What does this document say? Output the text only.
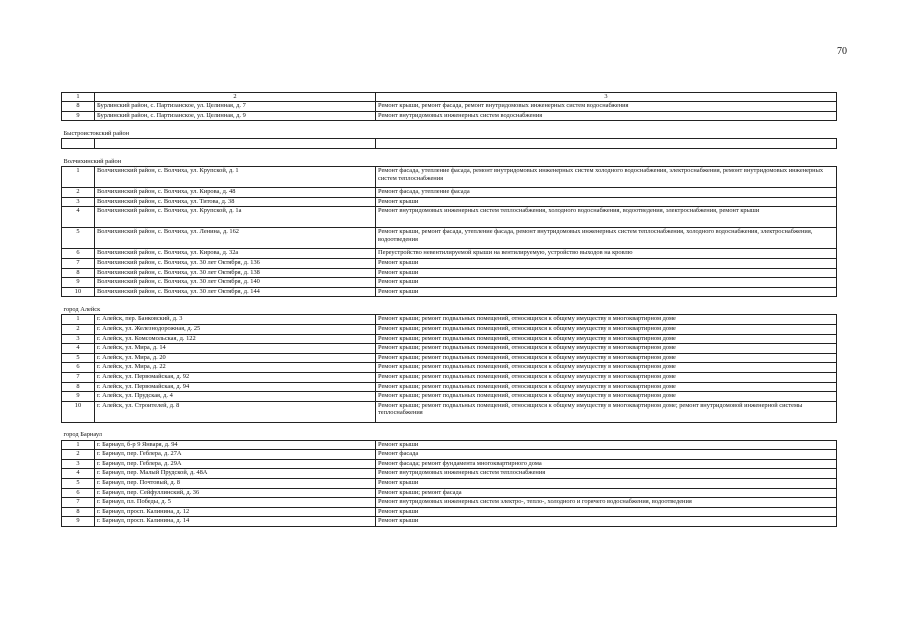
70
1	2	3
8	Бурлинский район, с. Партизанское, ул. Целинная, д. 7	Ремонт крыши, ремонт фасада, ремонт внутридомовых инженерных систем водоснабжения
9	Бурлинский район, с. Партизанское, ул. Целинная, д. 9	Ремонт внутридомовых инженерных систем водоснабжения
Быстроистокский район		

Волчихинский район		
1	Волчихинский район, с. Волчиха, ул. Крупской, д. 1	Ремонт фасада, утепление фасада, ремонт внутридомовых инженерных систем холодного водоснабжения, электроснабжения, ремонт внутридомовых инженерных систем теплоснабжения
2	Волчихинский район, с. Волчиха, ул. Кирова, д. 48	Ремонт фасада, утепление фасада
3	Волчихинский район, с. Волчиха, ул. Титова, д. 38	Ремонт крыши
4	Волчихинский район, с. Волчиха, ул. Крупской, д. 1а	Ремонт внутридомовых инженерных систем теплоснабжения, холодного водоснабжения, водоотведения, электроснабжения, ремонт крыши
5	Волчихинский район, с. Волчиха, ул. Ленина, д. 162	Ремонт крыши, ремонт фасада, утепление фасада, ремонт внутридомовых инженерных систем теплоснабжения, холодного водоснабжения, электроснабжения, водоотведения
6	Волчихинский район, с. Волчиха, ул. Кирова, д. 32а	Переустройство невентилируемой крыши на вентилируемую, устройство выходов на кровлю
7	Волчихинский район, с. Волчиха, ул. 30 лет Октября, д. 136	Ремонт крыши
8	Волчихинский район, с. Волчиха, ул. 30 лет Октября, д. 138	Ремонт крыши
9	Волчихинский район, с. Волчиха, ул. 30 лет Октября, д. 140	Ремонт крыши
10	Волчихинский район, с. Волчиха, ул. 30 лет Октября, д. 144	Ремонт крыши
город Алейск		
1	г. Алейск, пер. Банковский, д. 3	Ремонт крыши; ремонт подвальных помещений, относящихся к общему имуществу в многоквартирном доме
2	г. Алейск, ул. Железнодорожная, д. 25	Ремонт крыши; ремонт подвальных помещений, относящихся к общему имуществу в многоквартирном доме
3	г. Алейск, ул. Комсомольская, д. 122	Ремонт крыши; ремонт подвальных помещений, относящихся к общему имуществу в многоквартирном доме
4	г. Алейск, ул. Мира, д. 14	Ремонт крыши; ремонт подвальных помещений, относящихся к общему имуществу в многоквартирном доме
5	г. Алейск, ул. Мира, д. 20	Ремонт крыши; ремонт подвальных помещений, относящихся к общему имуществу в многоквартирном доме
6	г. Алейск, ул. Мира, д. 22	Ремонт крыши; ремонт подвальных помещений, относящихся к общему имуществу в многоквартирном доме
7	г. Алейск, ул. Первомайская, д. 92	Ремонт крыши; ремонт подвальных помещений, относящихся к общему имуществу в многоквартирном доме
8	г. Алейск, ул. Первомайская, д. 94	Ремонт крыши; ремонт подвальных помещений, относящихся к общему имуществу в многоквартирном доме
9	г. Алейск, ул. Прудская, д. 4	Ремонт крыши; ремонт подвальных помещений, относящихся к общему имуществу в многоквартирном доме
10	г. Алейск, ул. Строителей, д. 8	Ремонт крыши; ремонт подвальных помещений, относящихся к общему имуществу в многоквартирном доме; ремонт внутридомовой инженерной системы теплоснабжения
город Барнаул		
1	г. Барнаул, б-р 9 Января, д. 94	Ремонт крыши
2	г. Барнаул, пер. Геблера, д. 27А	Ремонт фасада
3	г. Барнаул, пер. Геблера, д. 29А	Ремонт фасада; ремонт фундамента многоквартирного дома
4	г. Барнаул, пер. Малый Прудской, д. 48А	Ремонт внутридомовых инженерных систем теплоснабжения
5	г. Барнаул, пер. Почтовый, д. 8	Ремонт крыши
6	г. Барнаул, пер. Сейфуллинский, д. 36	Ремонт крыши; ремонт фасада
7	г. Барнаул, пл. Победы, д. 5	Ремонт внутридомовых инженерных систем электро-, тепло-, холодного и горячего водоснабжения, водоотведения
8	г. Барнаул, просп. Калинина, д. 12	Ремонт крыши
9	г. Барнаул, просп. Калинина, д. 14	Ремонт крыши
